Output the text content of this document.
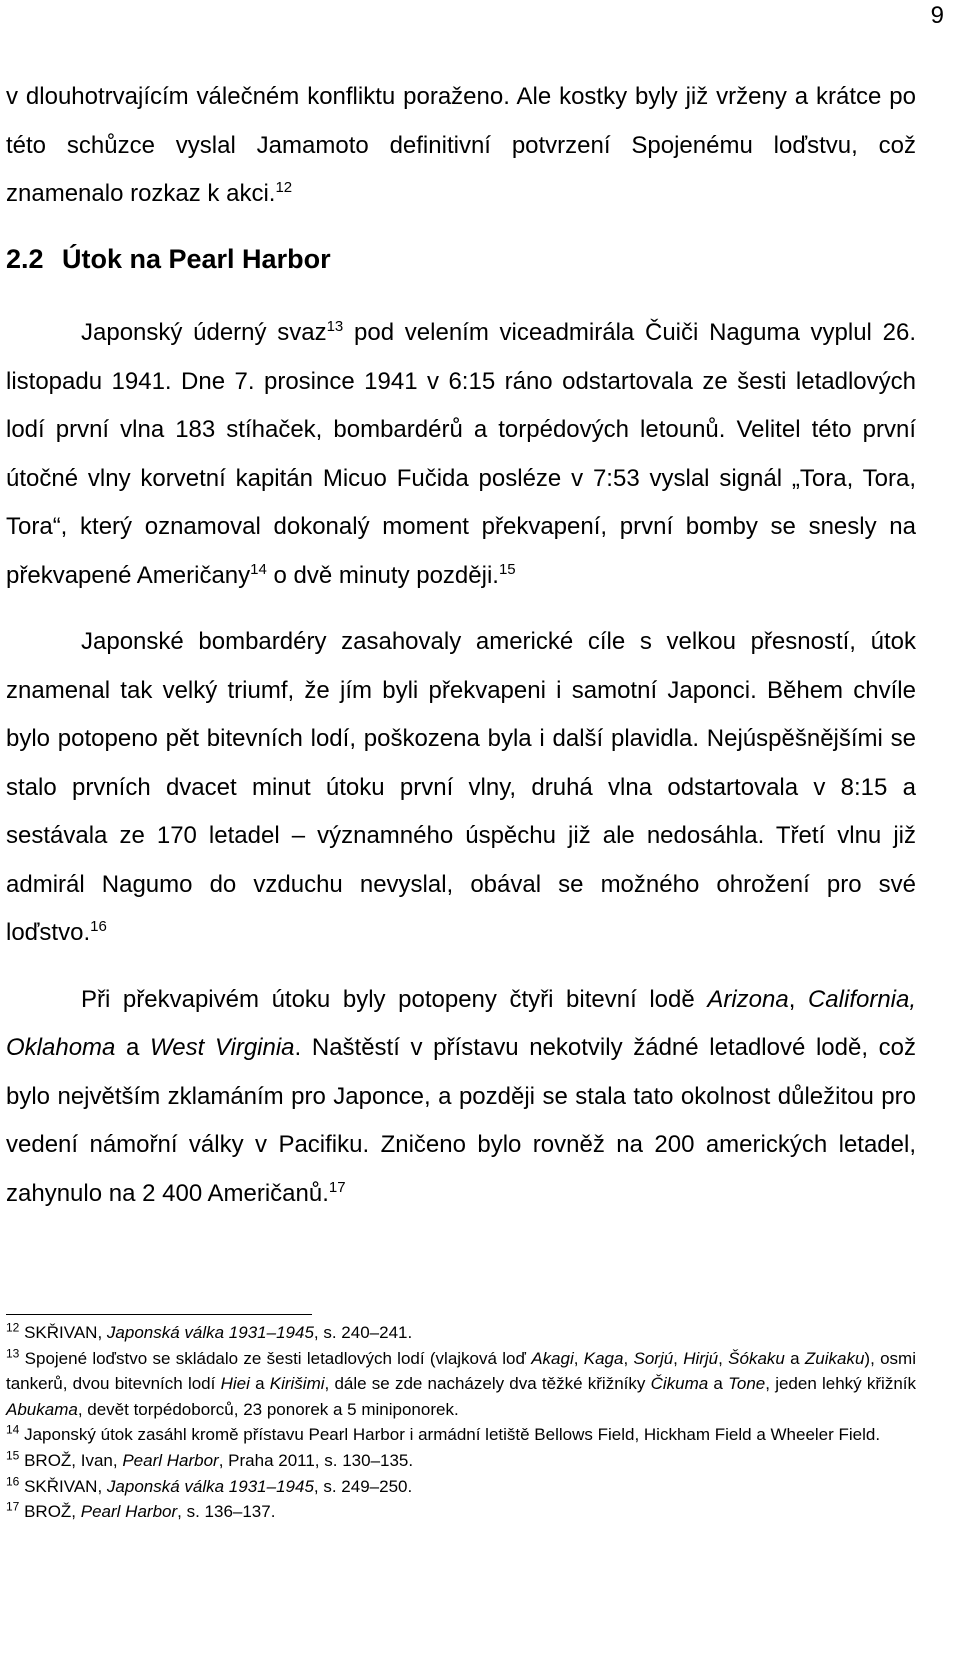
9

v dlouhotrvajícím válečném konfliktu poraženo. Ale kostky byly již vrženy a krátce po této schůzce vyslal Jamamoto definitivní potvrzení Spojenému loďstvu, což znamenalo rozkaz k akci.$^{12}$

2.2 Útok na Pearl Harbor

Japonský úderný svaz$^{13}$ pod velením viceadmirála Čuiči Naguma vyplul 26. listopadu 1941. Dne 7. prosince 1941 v 6:15 ráno odstartovala ze šesti letadlových lodí první vlna 183 stíhaček, bombardérů a torpédových letounů. Velitel této první útočné vlny korvetní kapitán Micuo Fučida posléze v 7:53 vyslal signál „Tora, Tora, Tora“, který oznamoval dokonalý moment překvapení, první bomby se snesly na překvapené Američany$^{14}$ o dvě minuty později.$^{15}$

Japonské bombardéry zasahovaly americké cíle s velkou přesností, útok znamenal tak velký triumf, že jím byli překvapeni i samotní Japonci. Během chvíle bylo potopeno pět bitevních lodí, poškozena byla i další plavidla. Nejúspěšnějšími se stalo prvních dvacet minut útoku první vlny, druhá vlna odstartovala v 8:15 a sestávala ze 170 letadel – významného úspěchu již ale nedosáhla. Třetí vlnu již admirál Nagumo do vzduchu nevyslal, obával se možného ohrožení pro své loďstvo.$^{16}$

Při překvapivém útoku byly potopeny čtyři bitevní lodě Arizona, California, Oklahoma a West Virginia. Naštěstí v přístavu nekotvily žádné letadlové lodě, což bylo největším zklamáním pro Japonce, a později se stala tato okolnost důležitou pro vedení námořní války v Pacifiku. Zničeno bylo rovněž na 200 amerických letadel, zahynulo na 2 400 Američanů.$^{17}$

$^{12}$ SKŘIVAN, Japonská válka 1931–1945, s. 240–241.

$^{13}$ Spojené loďstvo se skládalo ze šesti letadlových lodí (vlajková loď Akagi, Kaga, Sorjú, Hirjú, Šókaku a Zuikaku), osmi tankerů, dvou bitevních lodí Hiei a Kirišimi, dále se zde nacházely dva těžké křižníky Čikuma a Tone, jeden lehký křižník Abukama, devět torpédoborců, 23 ponorek a 5 miniponorek.

$^{14}$ Japonský útok zasáhl kromě přístavu Pearl Harbor i armádní letiště Bellows Field, Hickham Field a Wheeler Field.

$^{15}$ BROŽ, Ivan, Pearl Harbor, Praha 2011, s. 130–135.

$^{16}$ SKŘIVAN, Japonská válka 1931–1945, s. 249–250.

$^{17}$ BROŽ, Pearl Harbor, s. 136–137.
